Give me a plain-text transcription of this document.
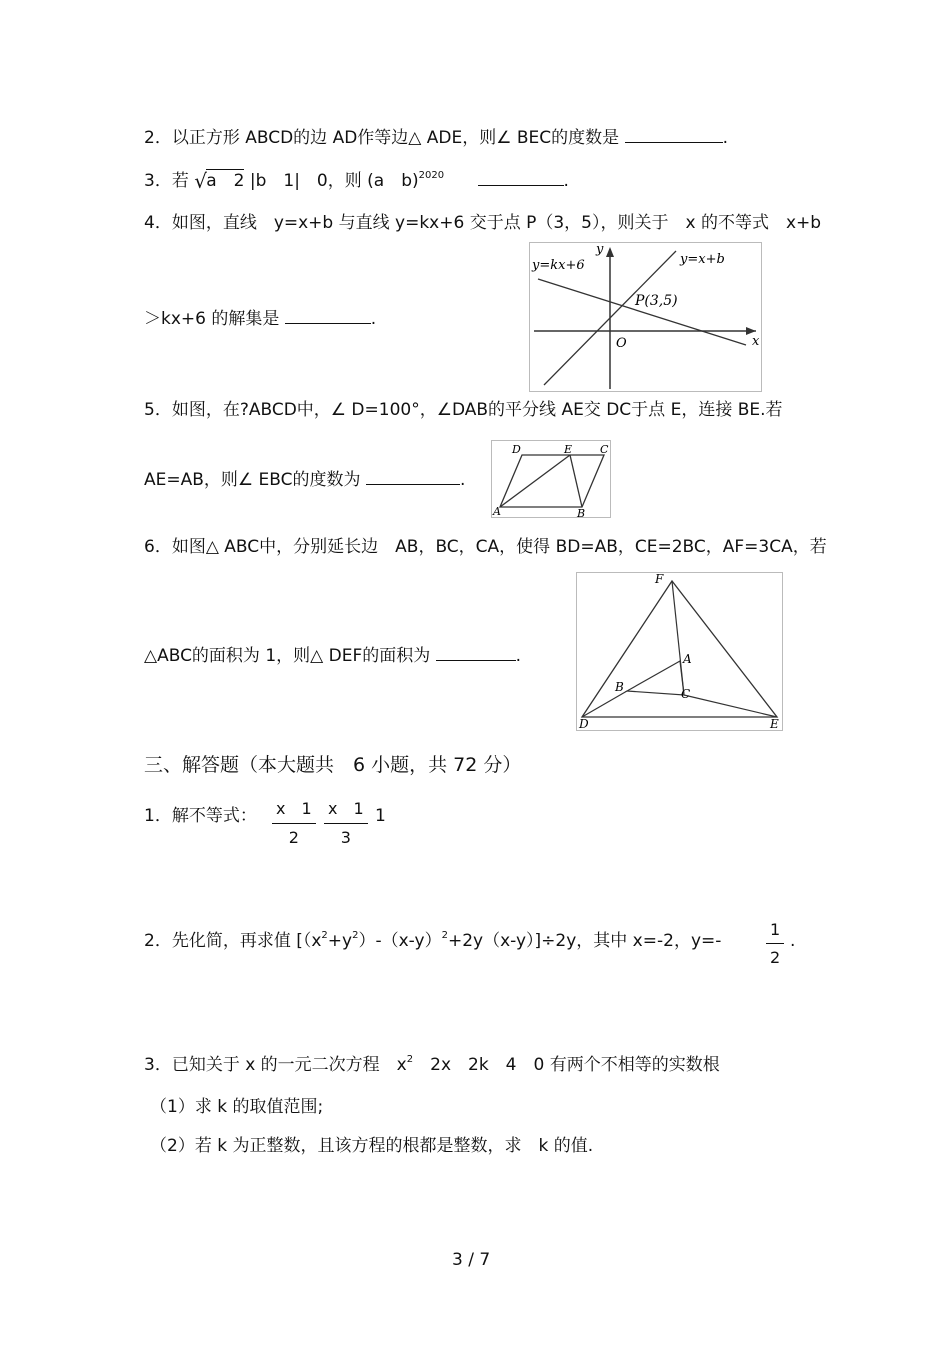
2．以正方形 ABCD的边 AD作等边△ ADE，则∠ BEC的度数是	.
3．若 √ a　2 |b　1|　0，则 (a　b)$^{2020}$	.
4．如图，直线　y=x+b 与直线 y=kx+6 交于点 P（3，5），则关于　x 的不等式　x+b
＞kx+6 的解集是	.
y=kx+6	y=x+b
P(3,5)
O	x
y
5．如图，在?ABCD中，∠ D=100°，∠DAB的平分线 AE交 DC于点 E，连接 BE.若
AE=AB，则∠ EBC的度数为	.
D	E	C
A	B
6．如图△ ABC中，分别延长边　AB，BC，CA，使得 BD=AB，CE=2BC，AF=3CA，若
△ABC的面积为 1，则△ DEF的面积为	.
F
A
B	C
D	E
三、解答题（本大题共　6 小题，共 72 分）
1．解不等式： x　1
2
x　1
3
1
2．先化简，再求值 $[(x^2+y^2)-(x-y)^2+2y(x-y)]\div 2y$，其中 x=-2，y=-
1
2
.
3．已知关于 x 的一元二次方程　$x^2$　2x　2k　4　0 有两个不相等的实数根
（1）求 k 的取值范围;
（2）若 k 为正整数，且该方程的根都是整数，求　k 的值.
3 / 7
